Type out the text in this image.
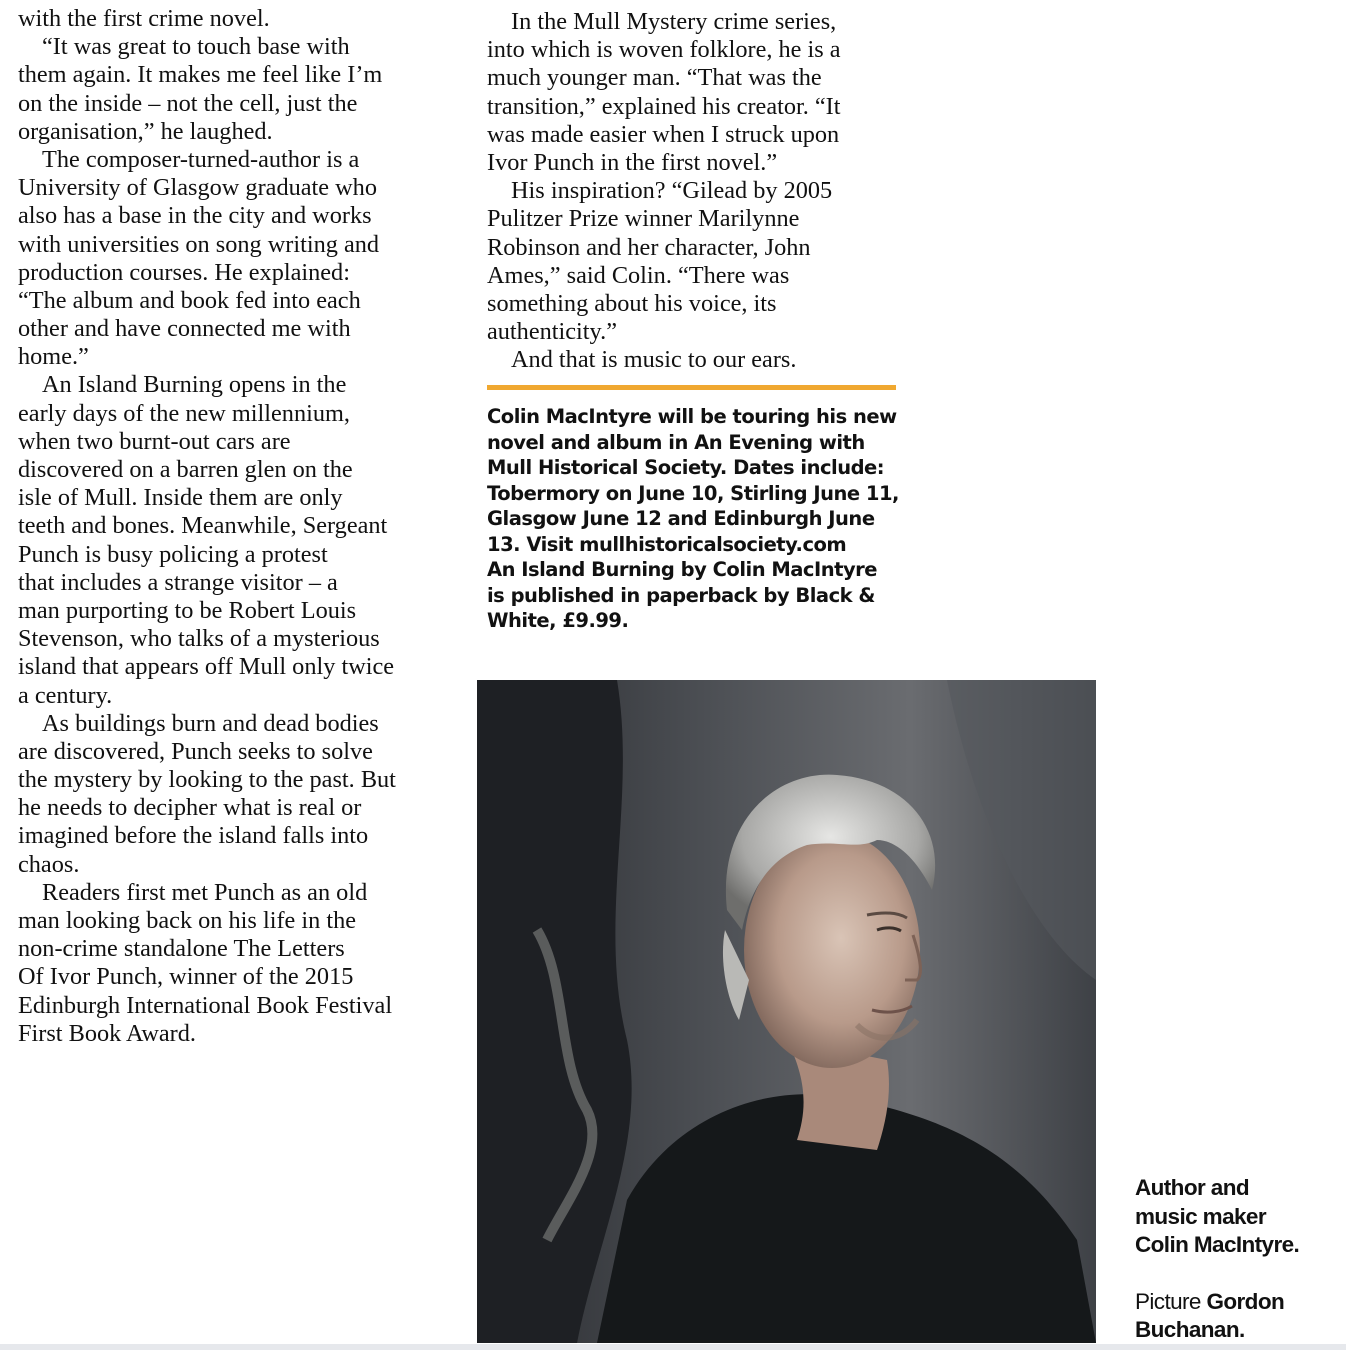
with the first crime novel.
“It was great to touch base with
them again. It makes me feel like I’m
on the inside – not the cell, just the
organisation,” he laughed.
The composer-turned-author is a
University of Glasgow graduate who
also has a base in the city and works
with universities on song writing and
production courses. He explained:
“The album and book fed into each
other and have connected me with
home.”
An Island Burning opens in the
early days of the new millennium,
when two burnt-out cars are
discovered on a barren glen on the
isle of Mull. Inside them are only
teeth and bones. Meanwhile, Sergeant
Punch is busy policing a protest
that includes a strange visitor – a
man purporting to be Robert Louis
Stevenson, who talks of a mysterious
island that appears off Mull only twice
a century.
As buildings burn and dead bodies
are discovered, Punch seeks to solve
the mystery by looking to the past. But
he needs to decipher what is real or
imagined before the island falls into
chaos.
Readers first met Punch as an old
man looking back on his life in the
non-crime standalone The Letters
Of Ivor Punch, winner of the 2015
Edinburgh International Book Festival
First Book Award.
In the Mull Mystery crime series,
into which is woven folklore, he is a
much younger man. “That was the
transition,” explained his creator. “It
was made easier when I struck upon
Ivor Punch in the first novel.”
His inspiration? “Gilead by 2005
Pulitzer Prize winner Marilynne
Robinson and her character, John
Ames,” said Colin. “There was
something about his voice, its
authenticity.”
And that is music to our ears.
Colin MacIntyre will be touring his new
novel and album in An Evening with
Mull Historical Society. Dates include:
Tobermory on June 10, Stirling June 11,
Glasgow June 12 and Edinburgh June
13. Visit mullhistoricalsociety.com
An Island Burning by Colin MacIntyre
is published in paperback by Black &
White, £9.99.
Author and
music maker
Colin MacIntyre.
Picture Gordon
Buchanan.
